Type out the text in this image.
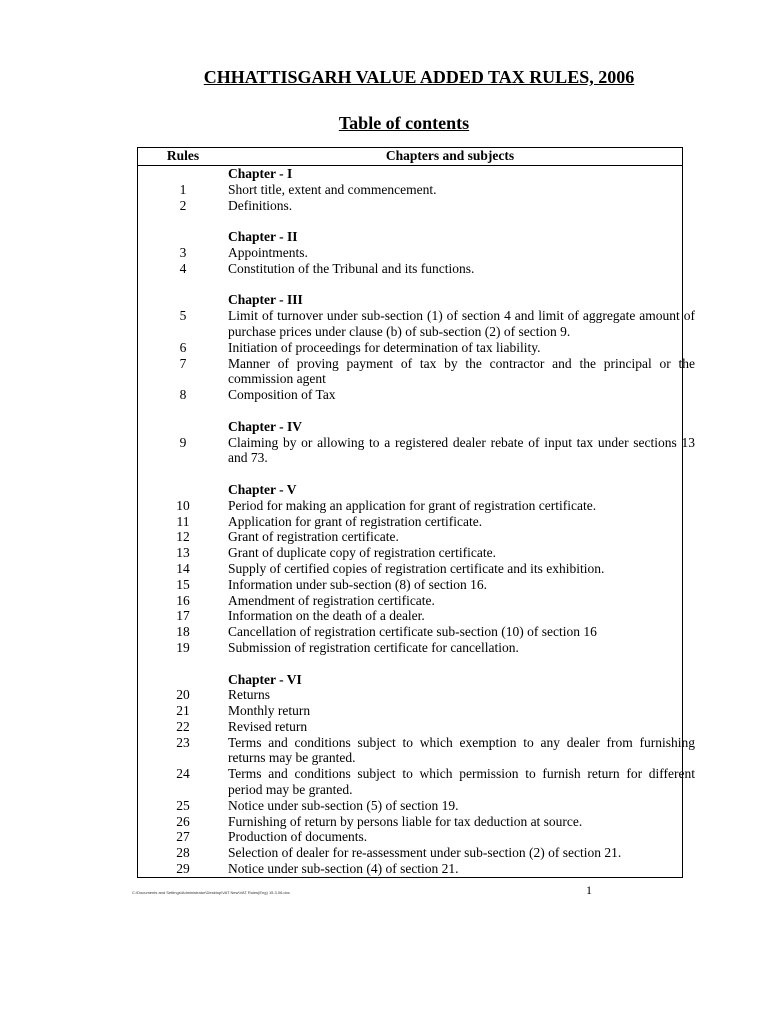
CHHATTISGARH VALUE ADDED TAX RULES, 2006
Table of contents
Rules	Chapters and subjects
Chapter - I
1	Short title, extent and commencement.
2	Definitions.
Chapter - II
3	Appointments.
4	Constitution of the Tribunal and its functions.
Chapter - III
5	Limit of turnover under sub-section (1) of section 4 and limit of aggregate amount of purchase prices under clause (b) of sub-section (2) of section 9.
6	Initiation of proceedings for determination of tax liability.
7	Manner of proving payment of tax by the contractor and the principal or the commission agent
8	Composition of Tax
Chapter - IV
9	Claiming by or allowing to a registered dealer rebate of input tax under sections 13 and 73.
Chapter - V
10	Period for making an application for grant of registration certificate.
11	Application for grant of registration certificate.
12	Grant of registration certificate.
13	Grant of duplicate copy of registration certificate.
14	Supply of certified copies of registration certificate and its exhibition.
15	Information under sub-section (8) of section 16.
16	Amendment of registration certificate.
17	Information on the death of a dealer.
18	Cancellation of registration certificate sub-section (10) of section 16
19	Submission of registration certificate for cancellation.
Chapter - VI
20	Returns
21	Monthly return
22	Revised return
23	Terms and conditions subject to which exemption to any dealer from furnishing returns may be granted.
24	Terms and conditions subject to which permission to furnish return for different period may be granted.
25	Notice under sub-section (5) of section 19.
26	Furnishing of return by persons liable for tax deduction at source.
27	Production of documents.
28	Selection of dealer for re-assessment under sub-section (2) of section 21.
29	Notice under sub-section (4) of section 21.
C:\Documents and Settings\Administrator\Desktop\VAT New\VAT Rules(Eng) 15.3.06.doc	1
